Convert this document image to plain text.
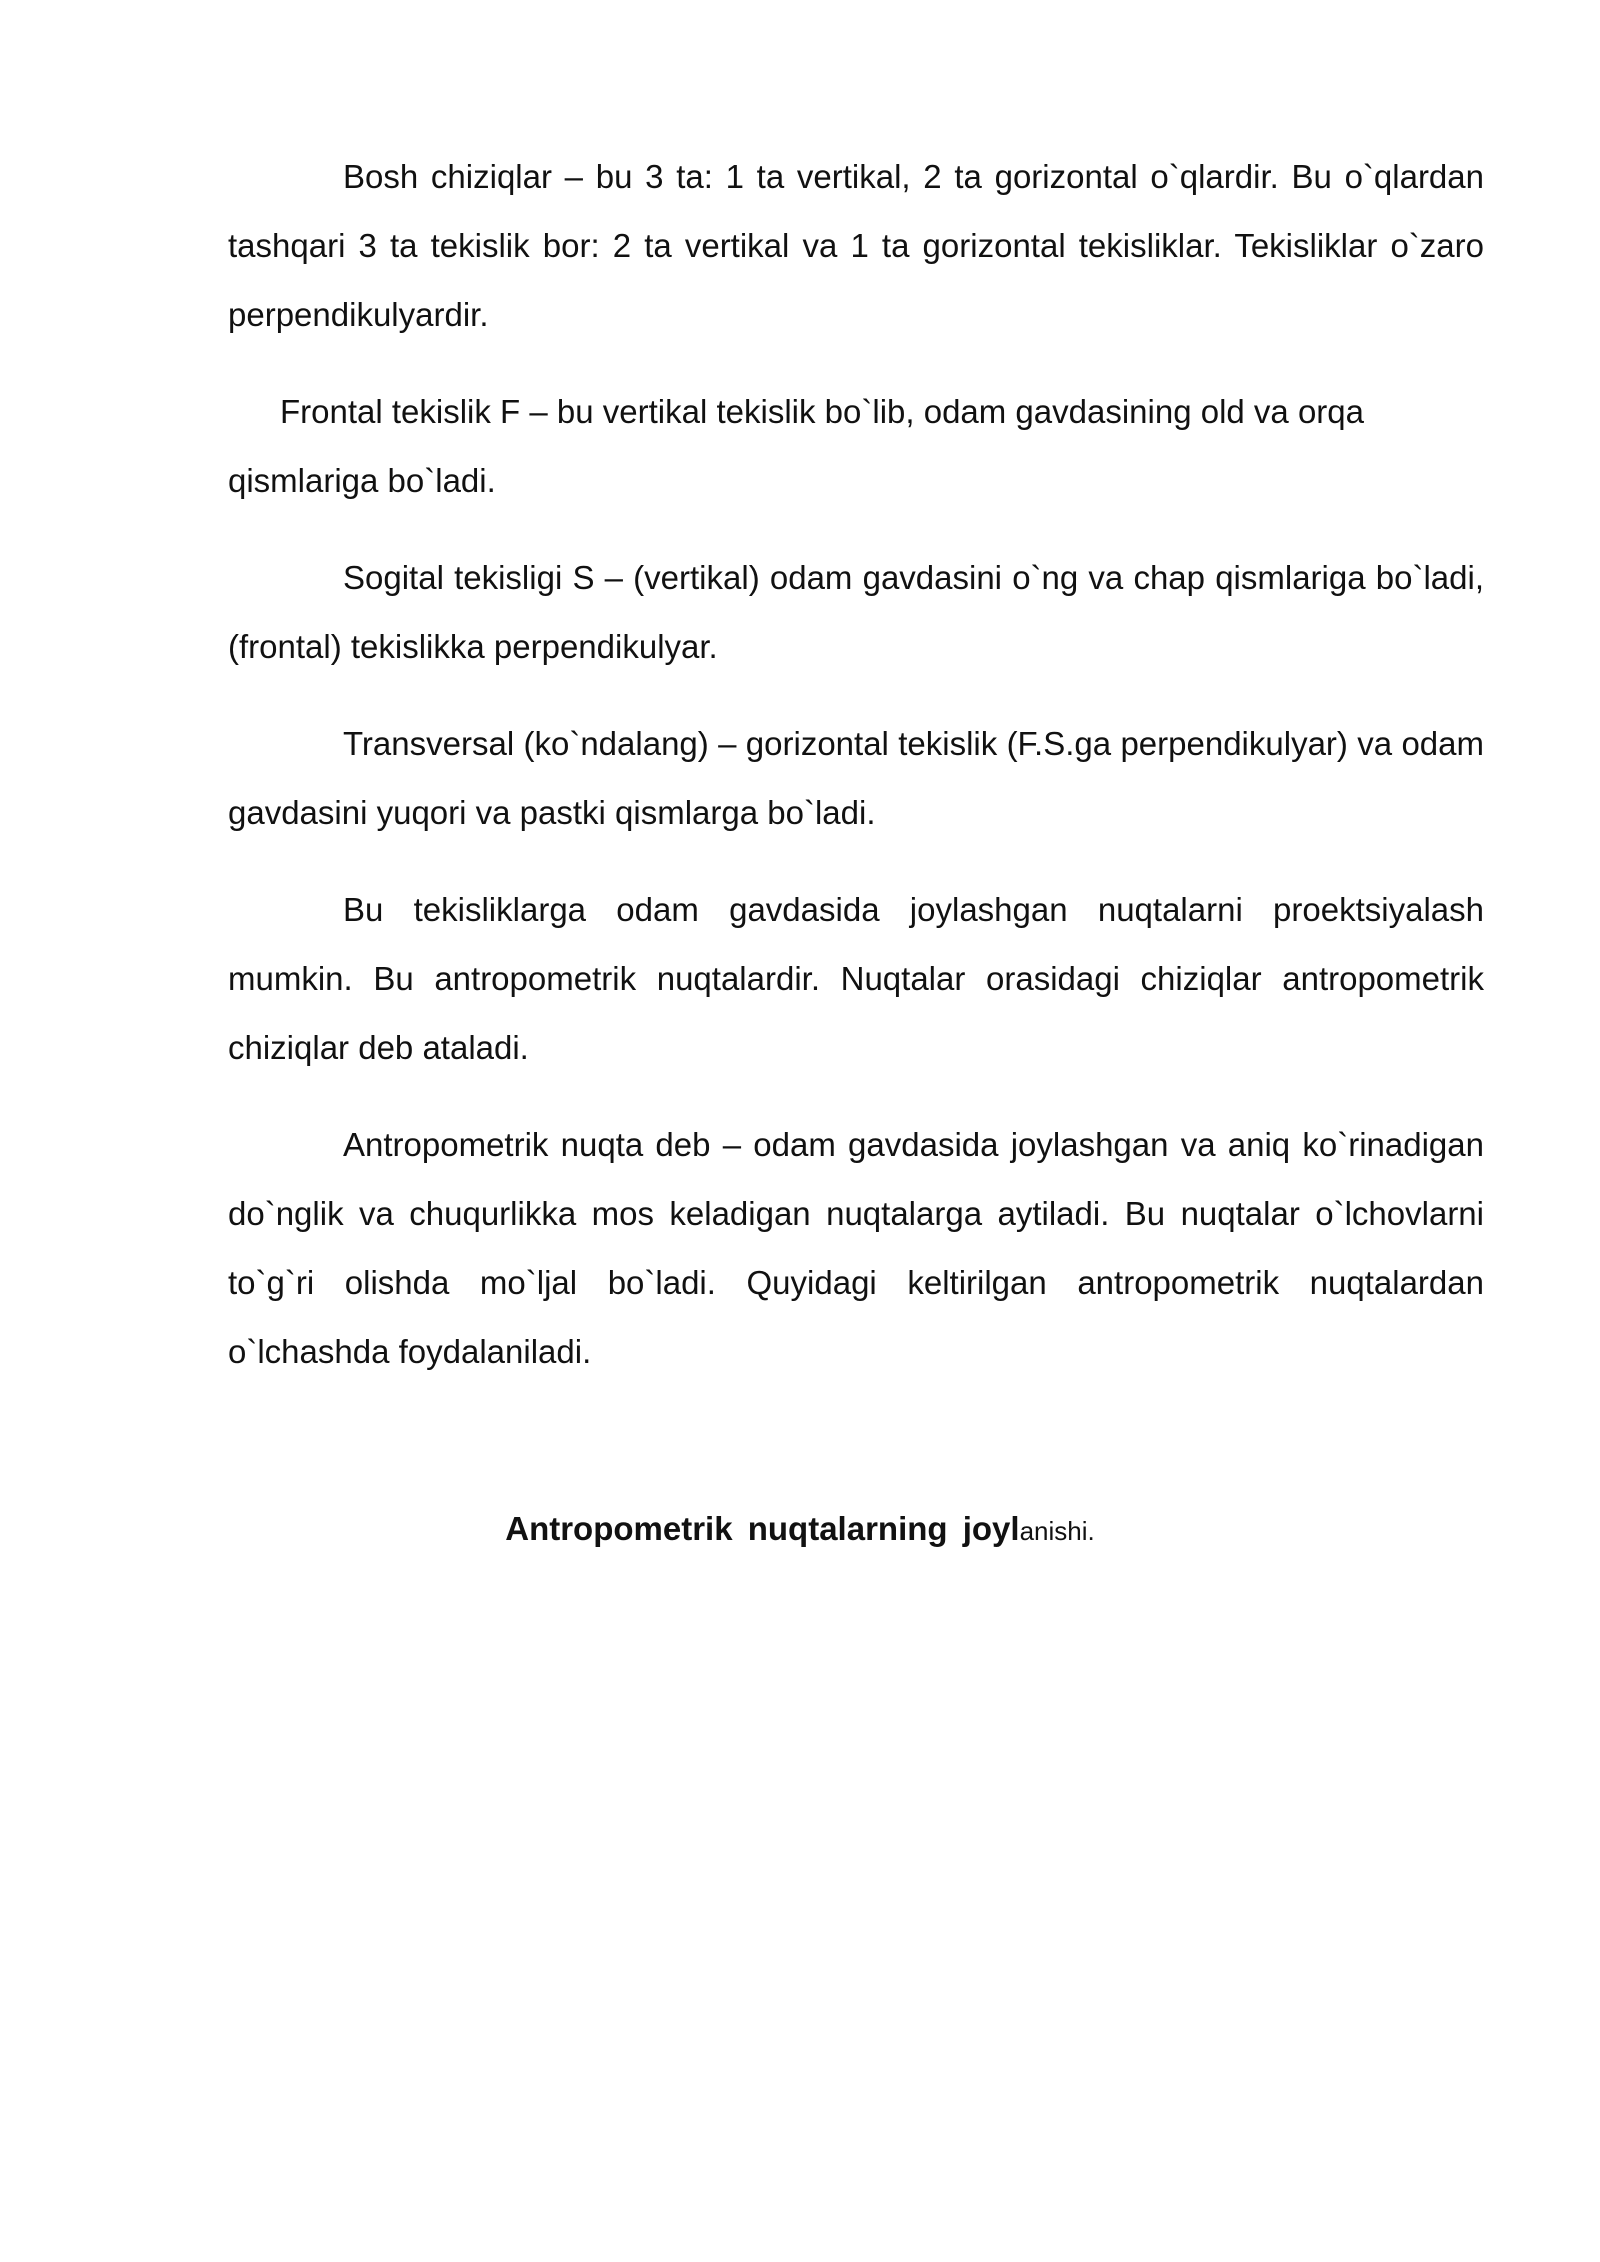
Bosh chiziqlar – bu 3 ta: 1 ta vertikal, 2 ta gorizontal o`qlardir. Bu o`qlardan tashqari 3 ta tekislik bor: 2 ta vertikal va 1 ta gorizontal tekisliklar. Tekisliklar o`zaro perpendikulyardir.

Frontal tekislik F – bu vertikal tekislik bo`lib, odam gavdasining old va orqa qismlariga bo`ladi.

Sogital tekisligi S – (vertikal) odam gavdasini o`ng va chap qismlariga bo`ladi, (frontal) tekislikka perpendikulyar.

Transversal (ko`ndalang) – gorizontal tekislik (F.S.ga perpendikulyar) va odam gavdasini yuqori va pastki qismlarga bo`ladi.

Bu tekisliklarga odam gavdasida joylashgan nuqtalarni proektsiyalash mumkin. Bu antropometrik nuqtalardir. Nuqtalar orasidagi chiziqlar antropometrik chiziqlar deb ataladi.

Antropometrik nuqta deb – odam gavdasida joylashgan va aniq ko`rinadigan do`nglik va chuqurlikka mos keladigan nuqtalarga aytiladi. Bu nuqtalar o`lchovlarni to`g`ri olishda mo`ljal bo`ladi. Quyidagi keltirilgan antropometrik nuqtalardan o`lchashda foydalaniladi.

Antropometrik nuqtalarning joylanishi.
